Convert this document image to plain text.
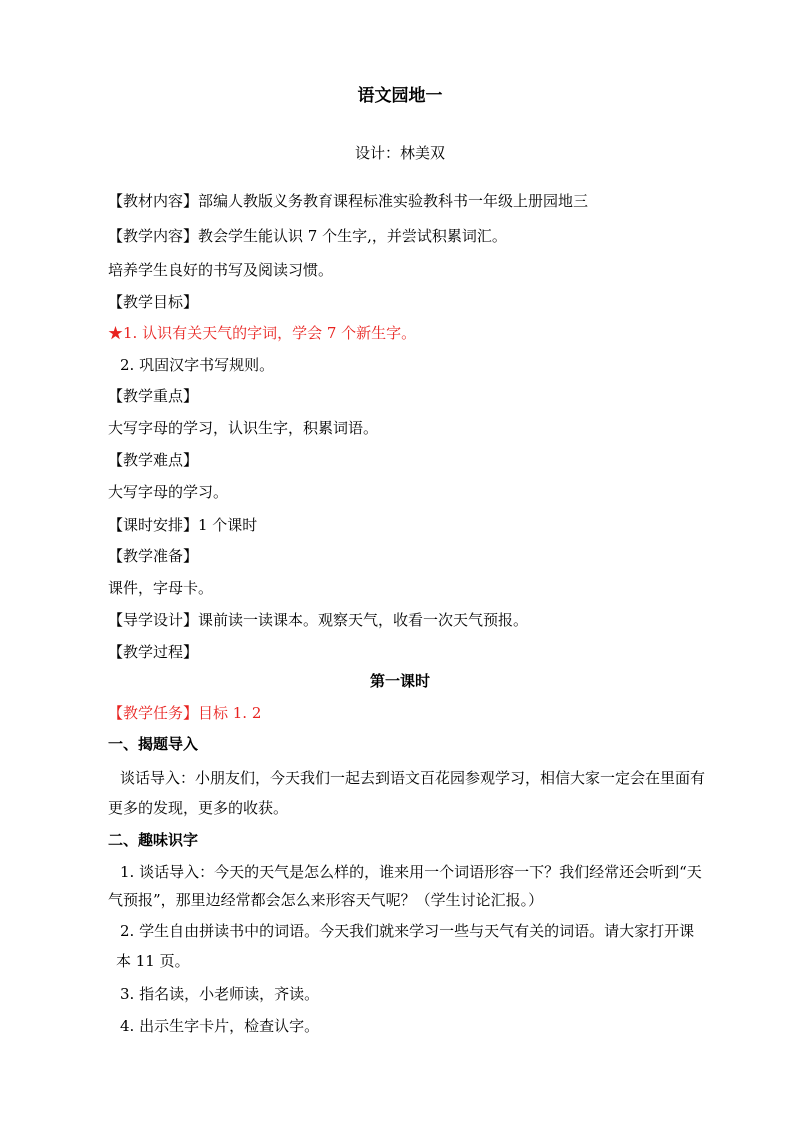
语文园地一
设计：林美双
【教材内容】部编人教版义务教育课程标准实验教科书一年级上册园地三
【教学内容】教会学生能认识 7 个生字,，并尝试积累词汇。
培养学生良好的书写及阅读习惯。
【教学目标】
★1. 认识有关天气的字词，学会 7 个新生字。
2. 巩固汉字书写规则。
【教学重点】
大写字母的学习，认识生字，积累词语。
【教学难点】
大写字母的学习。
【课时安排】1 个课时
【教学准备】
课件，字母卡。
【导学设计】课前读一读课本。观察天气，收看一次天气预报。
【教学过程】
第一课时
【教学任务】目标 1. 2
一、揭题导入
谈话导入：小朋友们，今天我们一起去到语文百花园参观学习，相信大家一定会在里面有
更多的发现，更多的收获。
二、趣味识字
1. 谈话导入：今天的天气是怎么样的，谁来用一个词语形容一下？我们经常还会听到“天
气预报”，那里边经常都会怎么来形容天气呢？（学生讨论汇报。）
2. 学生自由拼读书中的词语。今天我们就来学习一些与天气有关的词语。请大家打开课
本 11 页。
3. 指名读，小老师读，齐读。
4. 出示生字卡片，检查认字。
